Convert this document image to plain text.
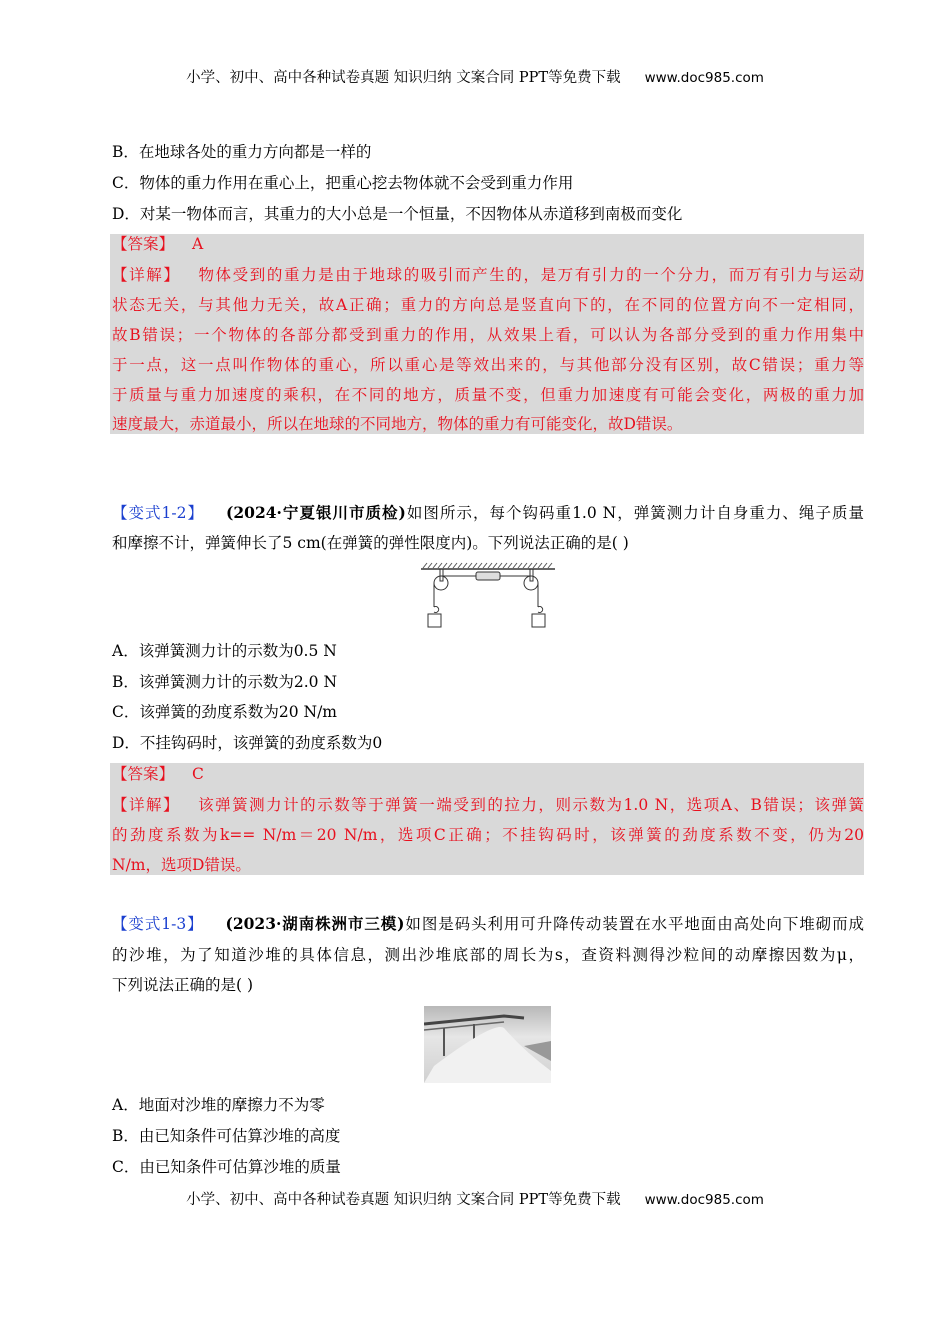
小学、初中、高中各种试卷真题 知识归纳 文案合同 PPT等免费下载 www.doc985.com
B．在地球各处的重力方向都是一样的
C．物体的重力作用在重心上，把重心挖去物体就不会受到重力作用
D．对某一物体而言，其重力的大小总是一个恒量，不因物体从赤道移到南极而变化
【答案】 A
【详解】 物体受到的重力是由于地球的吸引而产生的，是万有引力的一个分力，而万有引力与运动
状态无关，与其他力无关，故A正确；重力的方向总是竖直向下的，在不同的位置方向不一定相同，
故B错误；一个物体的各部分都受到重力的作用，从效果上看，可以认为各部分受到的重力作用集中
于一点，这一点叫作物体的重心，所以重心是等效出来的，与其他部分没有区别，故C错误；重力等
于质量与重力加速度的乘积，在不同的地方，质量不变，但重力加速度有可能会变化，两极的重力加
速度最大，赤道最小，所以在地球的不同地方，物体的重力有可能变化，故D错误。
【变式1-2】 (2024·宁夏银川市质检)如图所示，每个钩码重1.0 N，弹簧测力计自身重力、绳子质量
和摩擦不计，弹簧伸长了5 cm(在弹簧的弹性限度内)。下列说法正确的是( )
A．该弹簧测力计的示数为0.5 N
B．该弹簧测力计的示数为2.0 N
C．该弹簧的劲度系数为20 N/m
D．不挂钩码时，该弹簧的劲度系数为0
【答案】 C
【详解】 该弹簧测力计的示数等于弹簧一端受到的拉力，则示数为1.0 N，选项A、B错误；该弹簧
的劲度系数为k== N/m＝20 N/m，选项C正确；不挂钩码时，该弹簧的劲度系数不变，仍为20
N/m，选项D错误。
【变式1-3】 (2023·湖南株洲市三模)如图是码头利用可升降传动装置在水平地面由高处向下堆砌而成
的沙堆，为了知道沙堆的具体信息，测出沙堆底部的周长为s，查资料测得沙粒间的动摩擦因数为μ，
下列说法正确的是( )
A．地面对沙堆的摩擦力不为零
B．由已知条件可估算沙堆的高度
C．由已知条件可估算沙堆的质量
小学、初中、高中各种试卷真题 知识归纳 文案合同 PPT等免费下载 www.doc985.com
